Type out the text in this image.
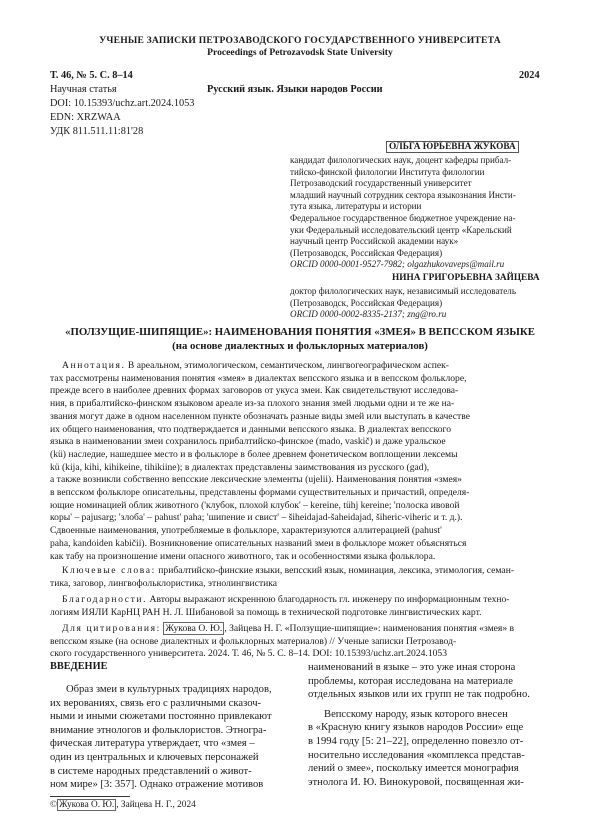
УЧЕНЫЕ ЗАПИСКИ ПЕТРОЗАВОДСКОГО ГОСУДАРСТВЕННОГО УНИВЕРСИТЕТА
Proceedings of Petrozavodsk State University
Т. 46, № 5. С. 8–14	2024
Научная статья	Русский язык. Языки народов России
DOI: 10.15393/uchz.art.2024.1053
EDN: XRZWAA
УДК 811.511.11:81'28
ОЛЬГА ЮРЬЕВНА ЖУКОВА
кандидат филологических наук, доцент кафедры прибал-
тийско-финской филологии Института филологии
Петрозаводский государственный университет
младший научный сотрудник сектора языкознания Инсти-
тута языка, литературы и истории
Федеральное государственное бюджетное учреждение на-
уки Федеральный исследовательский центр «Карельский
научный центр Российской академии наук»
(Петрозаводск, Российская Федерация)
ORCID 0000-0001-9527-7982; olgazhukovaveps@mail.ru
НИНА ГРИГОРЬЕВНА ЗАЙЦЕВА
доктор филологических наук, независимый исследователь
(Петрозаводск, Российская Федерация)
ORCID 0000-0002-8335-2137; zng@ro.ru
«ПОЛЗУЩИЕ-ШИПЯЩИЕ»: НАИМЕНОВАНИЯ ПОНЯТИЯ «ЗМЕЯ» В ВЕПССКОМ ЯЗЫКЕ
(на основе диалектных и фольклорных материалов)
Аннотация. В ареальном, этимологическом, семантическом, лингвогеографическом аспек-
тах рассмотрены наименования понятия «змея» в диалектах вепсского языка и в вепсском фольклоре,
прежде всего в наиболее древних формах заговоров от укуса змеи. Как свидетельствуют исследова-
ния, в прибалтийско-финском языковом ареале из-за плохого знания змей людьми одни и те же на-
звания могут даже в одном населенном пункте обозначать разные виды змей или выступать в качестве
их общего наименования, что подтверждается и данными вепсского языка. В диалектах вепсского
языка в наименовании змеи сохранилось прибалтийско-финское (mado, vaskič) и даже уральское
(kü) наследие, нашедшее место и в фольклоре в более древнем фонетическом воплощении лексемы
kü (kija, kihi, kihikeine, tihikiine); в диалектах представлены заимствования из русского (gad),
а также возникли собственно вепсские лексические элементы (ujelii). Наименования понятия «змея»
в вепсском фольклоре описательны, представлены формами существительных и причастий, определя-
ющие номинацией облик животного ('клубок, плохой клубок' – kereine, tühj kereine; 'полоска ивовой
коры' – pajusarg; 'злоба' – pahust' paha; 'шипение и свист' – šiheidajad-šaheidajad, šiheric-viheric и т. д.).
Сдвоенные наименования, употребляемые в фольклоре, характеризуются аллитерацией (pahust'
paha, kandoiden kabičii). Возникновение описательных названий змеи в фольклоре может объясняться
как табу на произношение имени опасного животного, так и особенностями языка фольклора.
Ключевые слова: прибалтийско-финские языки, вепсский язык, номинация, лексика, этимология, семан-
тика, заговор, лингвофольклористика, этнолингвистика
Благодарности. Авторы выражают искреннюю благодарность гл. инженеру по информационным техно-
логиям ИЯЛИ КарНЦ РАН Н. Л. Шибановой за помощь в технической подготовке лингвистических карт.
Для цитирования: Жукова О. Ю. , Зайцева Н. Г. «Ползущие-шипящие»: наименования понятия «змея» в
вепсском языке (на основе диалектных и фольклорных материалов) // Ученые записки Петрозавод-
ского государственного университета. 2024. Т. 46, № 5. С. 8–14. DOI: 10.15393/uchz.art.2024.1053
ВВЕДЕНИЕ
Образ змеи в культурных традициях народов,
их верованиях, связь его с различными сказоч-
ными и иными сюжетами постоянно привлекают
внимание этнологов и фольклористов. Этногра-
фическая литература утверждает, что «змея –
один из центральных и ключевых персонажей
в системе народных представлений о живот-
ном мире» [3: 357]. Однако отражение мотивов
наименований в языке – это уже иная сторона
проблемы, которая исследована на материале
отдельных языков или их групп не так подробно.
Вепсскому народу, язык которого внесен
в «Красную книгу языков народов России» еще
в 1994 году [5: 21–22], определенно повезло от-
носительно исследования «комплекса представ-
лений о змее», поскольку имеется монография
этнолога И. Ю. Винокуровой, посвященная жи-
© Жукова О. Ю. , Зайцева Н. Г., 2024
